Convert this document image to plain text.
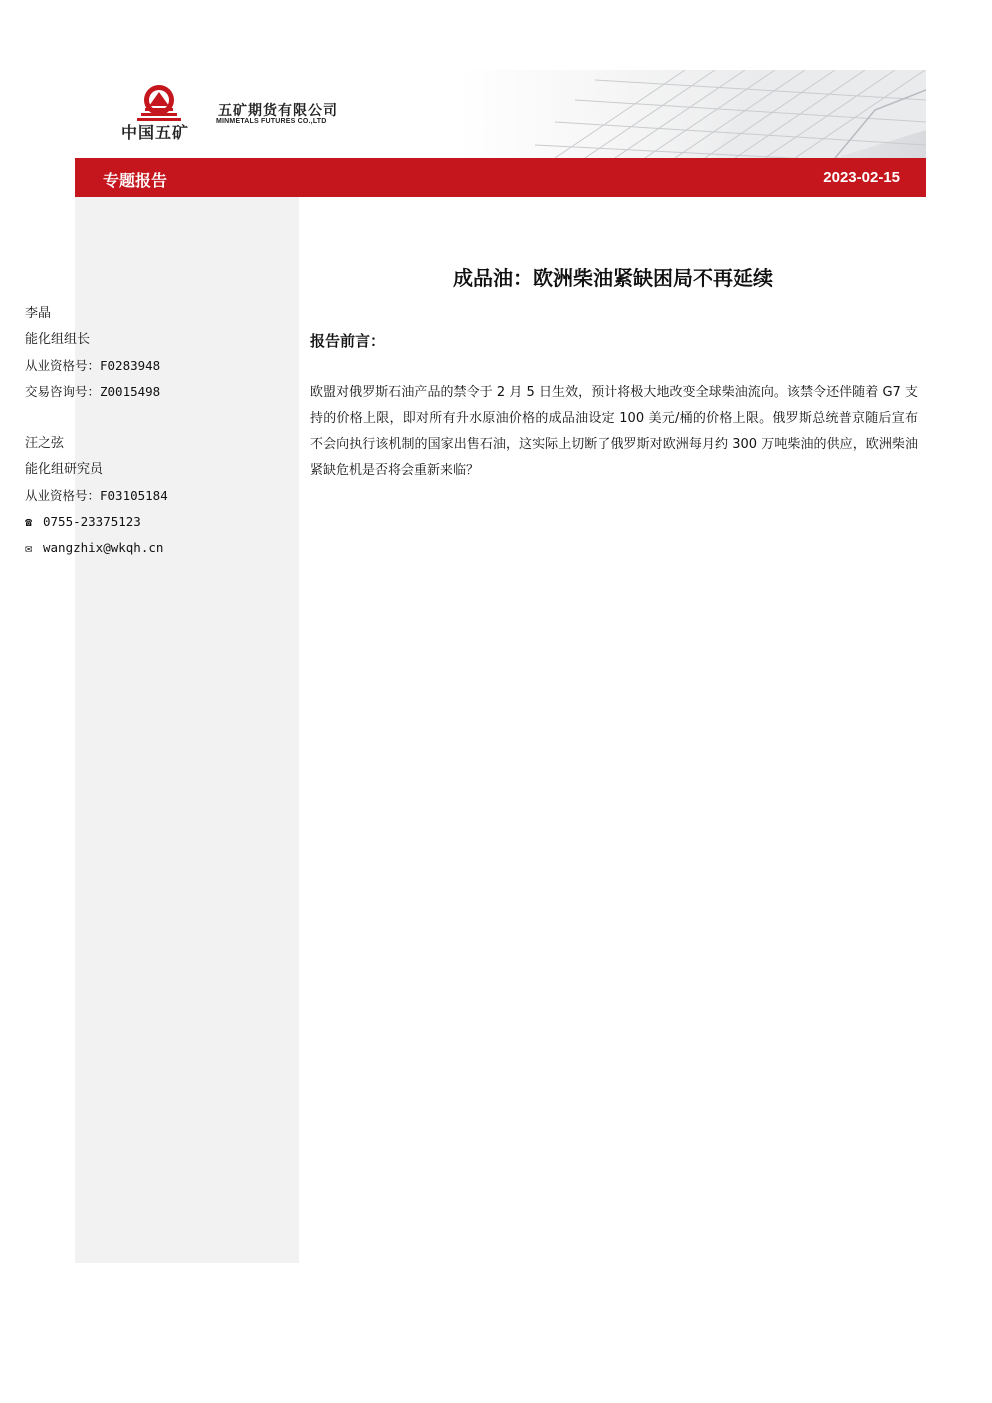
中国五矿
五矿期货有限公司
MINMETALS FUTURES CO.,LTD
专题报告	2023-02-15
李晶
能化组组长
从业资格号：F0283948
交易咨询号：Z0015498
汪之弦
能化组研究员
从业资格号：F03105184
☎ 0755-23375123
✉ wangzhix@wkqh.cn
成品油：欧洲柴油紧缺困局不再延续
报告前言：
欧盟对俄罗斯石油产品的禁令于 2 月 5 日生效，预计将极大地改变全球柴油流向。该禁令还伴随着 G7 支持的价格上限，即对所有升水原油价格的成品油设定 100 美元/桶的价格上限。俄罗斯总统普京随后宣布不会向执行该机制的国家出售石油，这实际上切断了俄罗斯对欧洲每月约 300 万吨柴油的供应，欧洲柴油紧缺危机是否将会重新来临？
